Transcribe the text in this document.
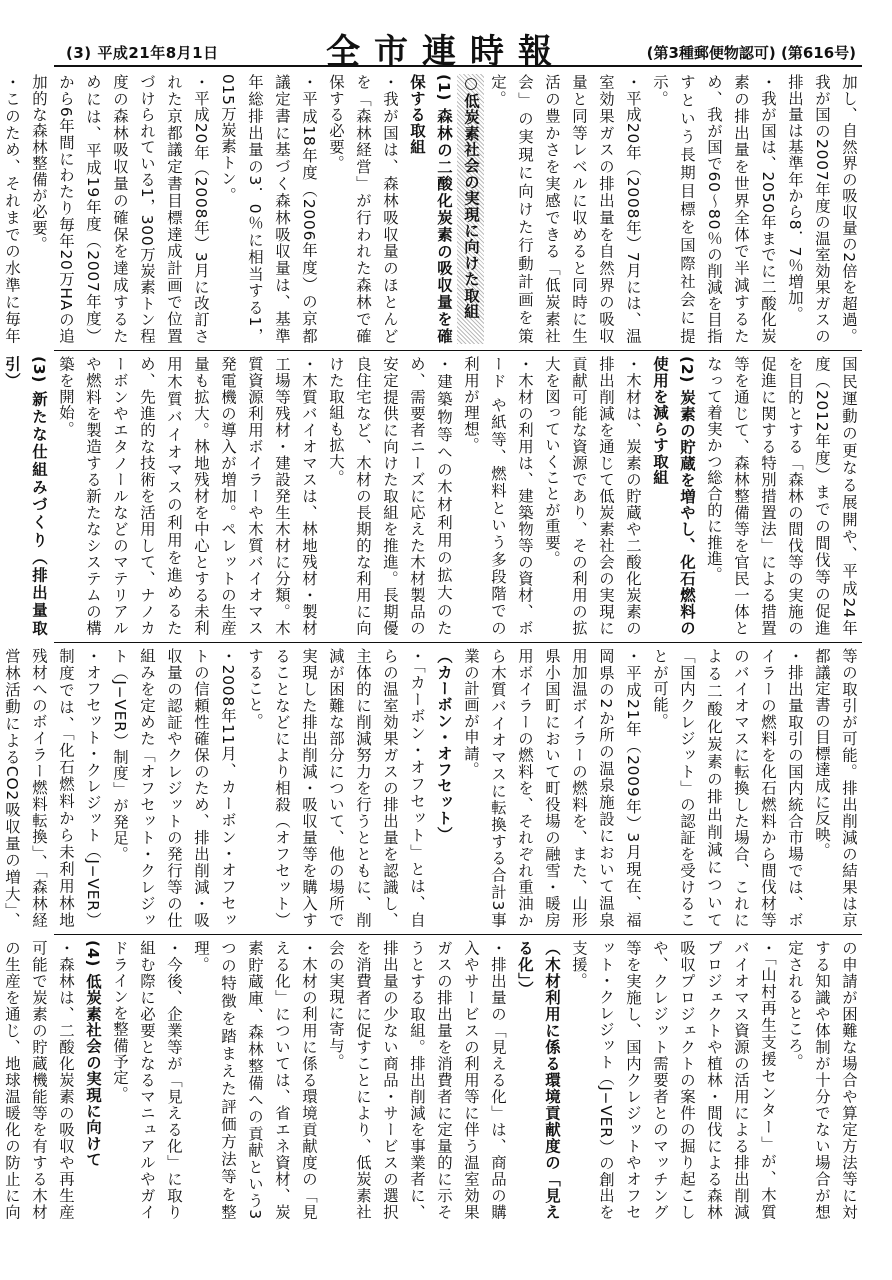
(3) 平成21年8月1日	全市連時報	(第3種郵便物認可) (第616号)

加し、自然界の吸収量の2倍を超過。我が国の2007年度の温室効果ガスの排出量は基準年から8．7％増加。

・我が国は、2050年までに二酸化炭素の排出量を世界全体で半減するため、我が国で60〜80％の削減を目指すという長期目標を国際社会に提示。

・平成20年（2008年）7月には、温室効果ガスの排出量を自然界の吸収量と同等レベルに収めると同時に生活の豊かさを実感できる「低炭素社会」の実現に向けた行動計画を策定。

○低炭素社会の実現に向けた取組

(1) 森林の二酸化炭素の吸収量を確保する取組

・我が国は、森林吸収量のほとんどを「森林経営」が行われた森林で確保する必要。

・平成18年度（2006年度）の京都議定書に基づく森林吸収量は、基準年総排出量の3．0％に相当する1，015万炭素トン。

・平成20年（2008年）3月に改訂された京都議定書目標達成計画で位置づけられている1，300万炭素トン程度の森林吸収量の確保を達成するためには、平成19年度（2007年度）から6年間にわたり毎年20万HAの追加的な森林整備が必要。

・このため、それまでの水準に毎年

国民運動の更なる展開や、平成24年度（2012年度）までの間伐等の促進を目的とする「森林の間伐等の実施の促進に関する特別措置法」による措置等を通じて、森林整備等を官民一体となって着実かつ総合的に推進。

(2) 炭素の貯蔵を増やし、化石燃料の使用を減らす取組

・木材は、炭素の貯蔵や二酸化炭素の排出削減を通じて低炭素社会の実現に貢献可能な資源であり、その利用の拡大を図っていくことが重要。

・木材の利用は、建築物等の資材、ボード や紙等、燃料という多段階での利用が理想。

・建築物等への木材利用の拡大のため、需要者ニーズに応えた木材製品の安定提供に向けた取組を推進。長期優良住宅など、木材の長期的な利用に向けた取組も拡大。

・木質バイオマスは、林地残材・製材工場等残材・建設発生木材に分類。木質資源利用ボイラーや木質バイオマス発電機の導入が増加。ペレットの生産量も拡大。林地残材を中心とする未利用木質バイオマスの利用を進めるため、先進的な技術を活用して、ナノカーボンやエタノールなどのマテリアルや燃料を製造する新たなシステムの構築を開始。

(3) 新たな仕組みづくり（排出量取引）

等の取引が可能。排出削減の結果は京都議定書の目標達成に反映。

・排出量取引の国内統合市場では、ボイラーの燃料を化石燃料から間伐材等のバイオマスに転換した場合、これによる二酸化炭素の排出削減について「国内クレジット」の認証を受けることが可能。

・平成21年（2009年）3月現在、福岡県の2か所の温泉施設において温泉用加温ボイラーの燃料を、また、山形県小国町において町役場の融雪・暖房用ボイラーの燃料を、それぞれ重油から木質バイオマスに転換する合計3事業の計画が申請。

（カーボン・オフセット）

・「カーボン・オフセット」とは、自らの温室効果ガスの排出量を認識し、主体的に削減努力を行うとともに、削減が困難な部分について、他の場所で実現した排出削減・吸収量等を購入することなどにより相殺（オフセット）すること。

・2008年11月、カーボン・オフセットの信頼性確保のため、排出削減・吸収量の認証やクレジットの発行等の仕組みを定めた「オフセット・クレジット（J−VER）制度」が発足。

・オフセット・クレジット（J−VER）制度では、「化石燃料から未利用林地残材へのボイラー燃料転換」、「森林経営林活動によるCO2吸収量の増大」、

の申請が困難な場合や算定方法等に対する知識や体制が十分でない場合が想定されるところ。

・「山村再生支援センター」が、木質バイオマス資源の活用による排出削減プロジェクトや植林・間伐による森林吸収プロジェクトの案件の掘り起こしや、クレジット需要者とのマッチング等を実施し、国内クレジットやオフセット・クレジット（J−VER）の創出を支援。

（木材利用に係る環境貢献度の「見える化」）

・排出量の「見える化」は、商品の購入やサービスの利用等に伴う温室効果ガスの排出量を消費者に定量的に示そうとする取組。排出削減を事業者に、排出量の少ない商品・サービスの選択を消費者に促すことにより、低炭素社会の実現に寄与。

・木材の利用に係る環境貢献度の「見える化」については、省エネ資材、炭素貯蔵庫、森林整備への貢献という3つの特徴を踏まえた評価方法等を整理。

・今後、企業等が「見える化」に取り組む際に必要となるマニュアルやガイドラインを整備予定。

(4) 低炭素社会の実現に向けて

・森林は、二酸化炭素の吸収や再生産可能で炭素の貯蔵機能等を有する木材の生産を通じ、地球温暖化の防止に向
